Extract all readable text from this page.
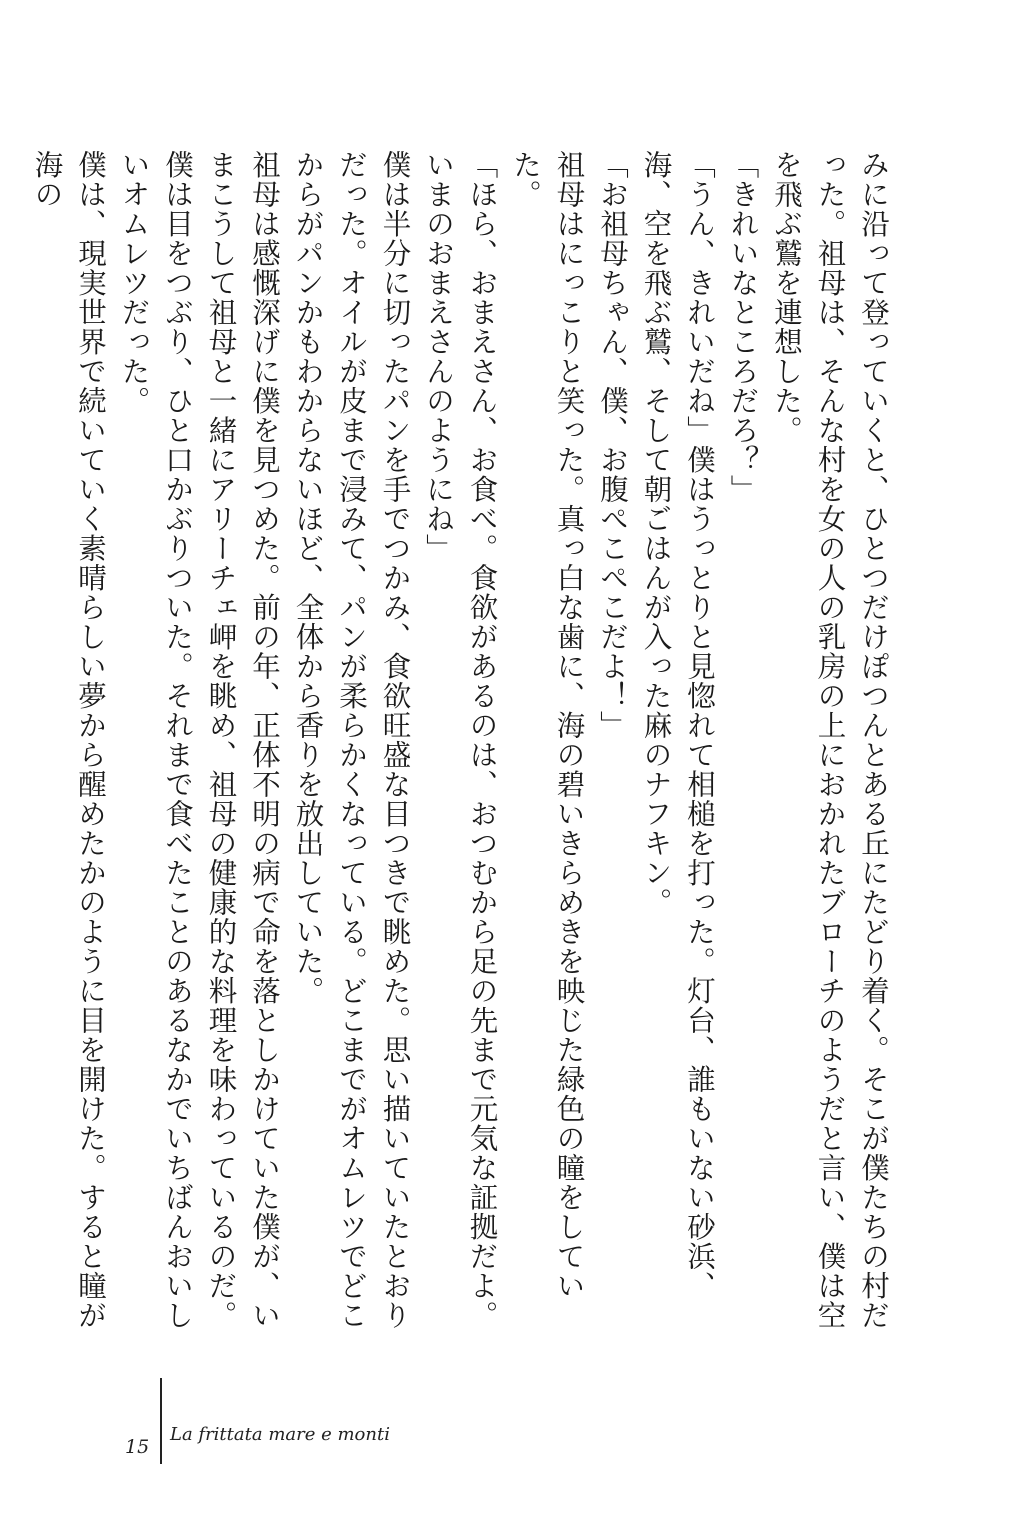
みに沿って登っていくと、ひとつだけぽつんとある丘にたどり着く。そこが僕たちの村だった。祖母は、そんな村を女の人の乳房の上におかれたブローチのようだと言い、僕は空を飛ぶ鷲を連想した。

「きれいなところだろ？」

「うん、きれいだね」僕はうっとりと見惚れて相槌を打った。灯台、誰もいない砂浜、海、空を飛ぶ鷲、そして朝ごはんが入った麻のナフキン。

「お祖母ちゃん、僕、お腹ぺこぺこだよ！」

祖母はにっこりと笑った。真っ白な歯に、海の碧いきらめきを映じた緑色の瞳をしていた。

「ほら、おまえさん、お食べ。食欲があるのは、おつむから足の先まで元気な証拠だよ。いまのおまえさんのようにね」

僕は半分に切ったパンを手でつかみ、食欲旺盛な目つきで眺めた。思い描いていたとおりだった。オイルが皮まで浸みて、パンが柔らかくなっている。どこまでがオムレツでどこからがパンかもわからないほど、全体から香りを放出していた。

祖母は感慨深げに僕を見つめた。前の年、正体不明の病で命を落としかけていた僕が、いまこうして祖母と一緒にアリーチェ岬を眺め、祖母の健康的な料理を味わっているのだ。

僕は目をつぶり、ひと口かぶりついた。それまで食べたことのあるなかでいちばんおいしいオムレツだった。

僕は、現実世界で続いていく素晴らしい夢から醒めたかのように目を開けた。すると瞳が海の

15
La frittata mare e monti
